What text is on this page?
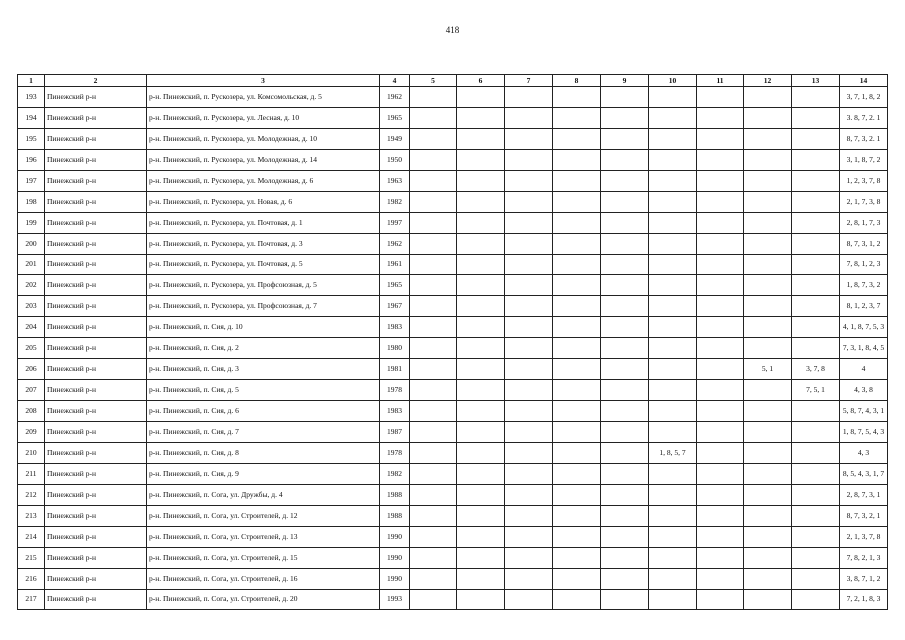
418
1	2	3	4	5	6	7	8	9	10	11	12	13	14
193	Пинежский р-н	р-н. Пинежский, п. Рускозера, ул. Комсомольская, д. 5	1962										3, 7, 1, 8, 2
194	Пинежский р-н	р-н. Пинежский, п. Рускозера, ул. Лесная, д. 10	1965										3. 8, 7, 2. 1
195	Пинежский р-н	р-н. Пинежский, п. Рускозера, ул. Молодежная, д. 10	1949										8, 7, 3, 2. 1
196	Пинежский р-н	р-н. Пинежский, п. Рускозера, ул. Молодежная, д. 14	1950										3, 1, 8, 7, 2
197	Пинежский р-н	р-н. Пинежский, п. Рускозера, ул. Молодежная, д. 6	1963										1, 2, 3, 7, 8
198	Пинежский р-н	р-н. Пинежский, п. Рускозера, ул. Новая, д. 6	1982										2, 1, 7, 3, 8
199	Пинежский р-н	р-н. Пинежский, п. Рускозера, ул. Почтовая, д. 1	1997										2, 8, 1, 7, 3
200	Пинежский р-н	р-н. Пинежский, п. Рускозера, ул. Почтовая, д. 3	1962										8, 7, 3, 1, 2
201	Пинежский р-н	р-н. Пинежский, п. Рускозера, ул. Почтовая, д. 5	1961										7, 8, 1, 2, 3
202	Пинежский р-н	р-н. Пинежский, п. Рускозера, ул. Профсоюзная, д. 5	1965										1, 8, 7, 3, 2
203	Пинежский р-н	р-н. Пинежский, п. Рускозера, ул. Профсоюзная, д. 7	1967										8, 1, 2, 3, 7
204	Пинежский р-н	р-н. Пинежский, п. Сия, д. 10	1983										4, 1, 8, 7, 5, 3
205	Пинежский р-н	р-н. Пинежский, п. Сия, д. 2	1980										7, 3, 1, 8, 4, 5
206	Пинежский р-н	р-н. Пинежский, п. Сия, д. 3	1981								5, 1	3, 7, 8	4
207	Пинежский р-н	р-н. Пинежский, п. Сия, д. 5	1978									7, 5, 1	4, 3, 8
208	Пинежский р-н	р-н. Пинежский, п. Сия, д. 6	1983										5, 8, 7, 4, 3, 1
209	Пинежский р-н	р-н. Пинежский, п. Сия, д. 7	1987										1, 8, 7, 5, 4, 3
210	Пинежский р-н	р-н. Пинежский, п. Сия, д. 8	1978						1, 8, 5, 7				4, 3
211	Пинежский р-н	р-н. Пинежский, п. Сия, д. 9	1982										8, 5, 4, 3, 1, 7
212	Пинежский р-н	р-н. Пинежский, п. Сога, ул. Дружбы, д. 4	1988										2, 8, 7, 3, 1
213	Пинежский р-н	р-н. Пинежский, п. Сога, ул. Строителей, д. 12	1988										8, 7, 3, 2, 1
214	Пинежский р-н	р-н. Пинежский, п. Сога, ул. Строителей, д. 13	1990										2, 1, 3, 7, 8
215	Пинежский р-н	р-н. Пинежский, п. Сога, ул. Строителей, д. 15	1990										7, 8, 2, 1, 3
216	Пинежский р-н	р-н. Пинежский, п. Сога, ул. Строителей, д. 16	1990										3, 8, 7, 1, 2
217	Пинежский р-н	р-н. Пинежский, п. Сога, ул. Строителей, д. 20	1993										7, 2, 1, 8, 3
